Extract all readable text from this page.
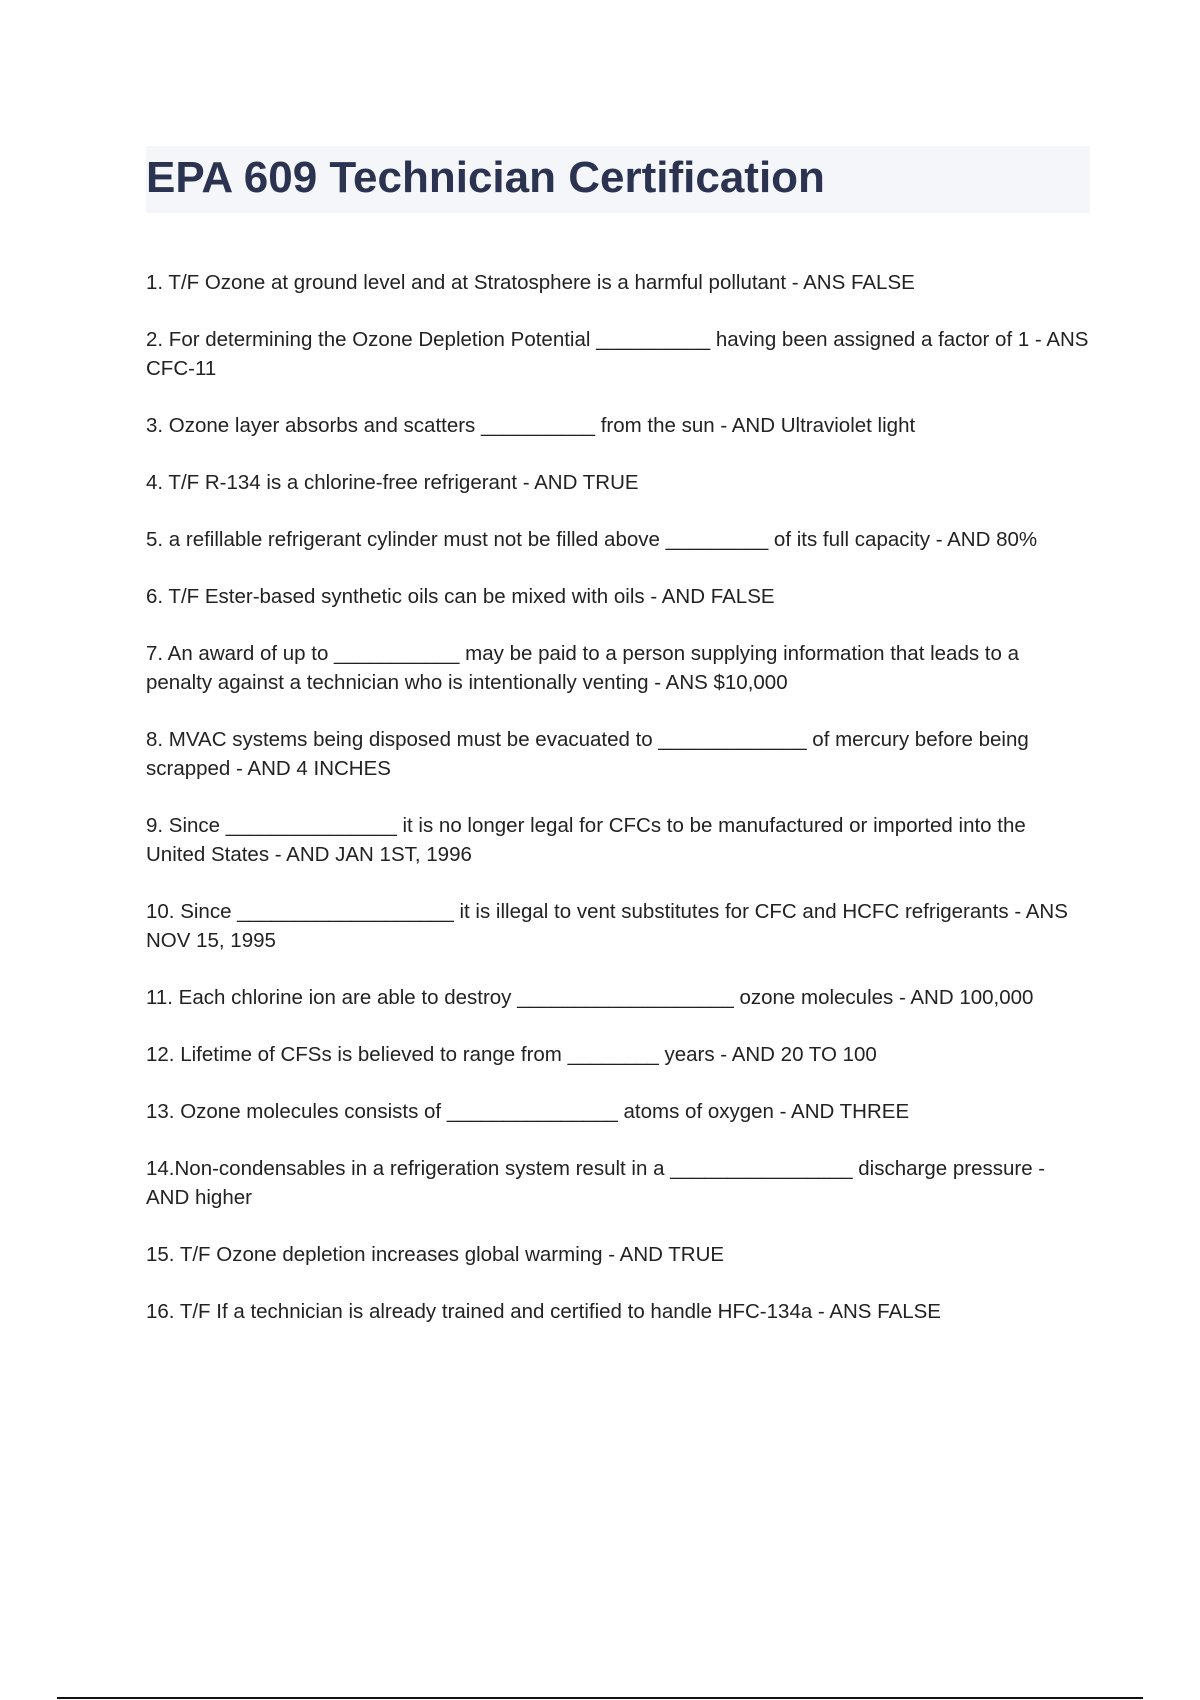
EPA 609 Technician Certification
1. T/F Ozone at ground level and at Stratosphere is a harmful pollutant - ANS FALSE
2. For determining the Ozone Depletion Potential __________ having been assigned a factor of 1 - ANS CFC-11
3. Ozone layer absorbs and scatters __________ from the sun - AND Ultraviolet light
4. T/F R-134 is a chlorine-free refrigerant - AND TRUE
5. a refillable refrigerant cylinder must not be filled above _________ of its full capacity - AND 80%
6. T/F Ester-based synthetic oils can be mixed with oils - AND FALSE
7. An award of up to ___________ may be paid to a person supplying information that leads to a penalty against a technician who is intentionally venting - ANS $10,000
8. MVAC systems being disposed must be evacuated to _____________ of mercury before being scrapped - AND 4 INCHES
9. Since _______________ it is no longer legal for CFCs to be manufactured or imported into the United States - AND JAN 1ST, 1996
10. Since ___________________ it is illegal to vent substitutes for CFC and HCFC refrigerants - ANS NOV 15, 1995
11. Each chlorine ion are able to destroy ___________________ ozone molecules - AND 100,000
12. Lifetime of CFSs is believed to range from ________ years - AND 20 TO 100
13. Ozone molecules consists of _______________ atoms of oxygen - AND THREE
14.Non-condensables in a refrigeration system result in a ________________ discharge pressure - AND higher
15. T/F Ozone depletion increases global warming - AND TRUE
16. T/F If a technician is already trained and certified to handle HFC-134a - ANS FALSE
